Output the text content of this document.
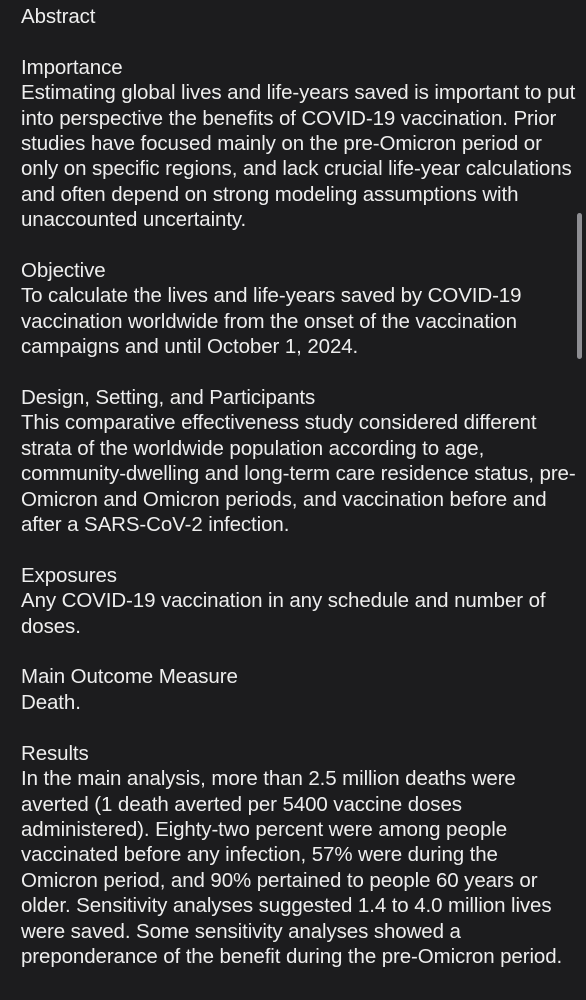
Abstract
Importance
Estimating global lives and life-years saved is important to put into perspective the benefits of COVID-19 vaccination. Prior studies have focused mainly on the pre-Omicron period or only on specific regions, and lack crucial life-year calculations and often depend on strong modeling assumptions with unaccounted uncertainty.
Objective
To calculate the lives and life-years saved by COVID-19 vaccination worldwide from the onset of the vaccination campaigns and until October 1, 2024.
Design, Setting, and Participants
This comparative effectiveness study considered different strata of the worldwide population according to age, community-dwelling and long-term care residence status, pre-Omicron and Omicron periods, and vaccination before and after a SARS-CoV-2 infection.
Exposures
Any COVID-19 vaccination in any schedule and number of doses.
Main Outcome Measure
Death.
Results
In the main analysis, more than 2.5 million deaths were averted (1 death averted per 5400 vaccine doses administered). Eighty-two percent were among people vaccinated before any infection, 57% were during the Omicron period, and 90% pertained to people 60 years or older. Sensitivity analyses suggested 1.4 to 4.0 million lives were saved. Some sensitivity analyses showed a preponderance of the benefit during the pre-Omicron period.
